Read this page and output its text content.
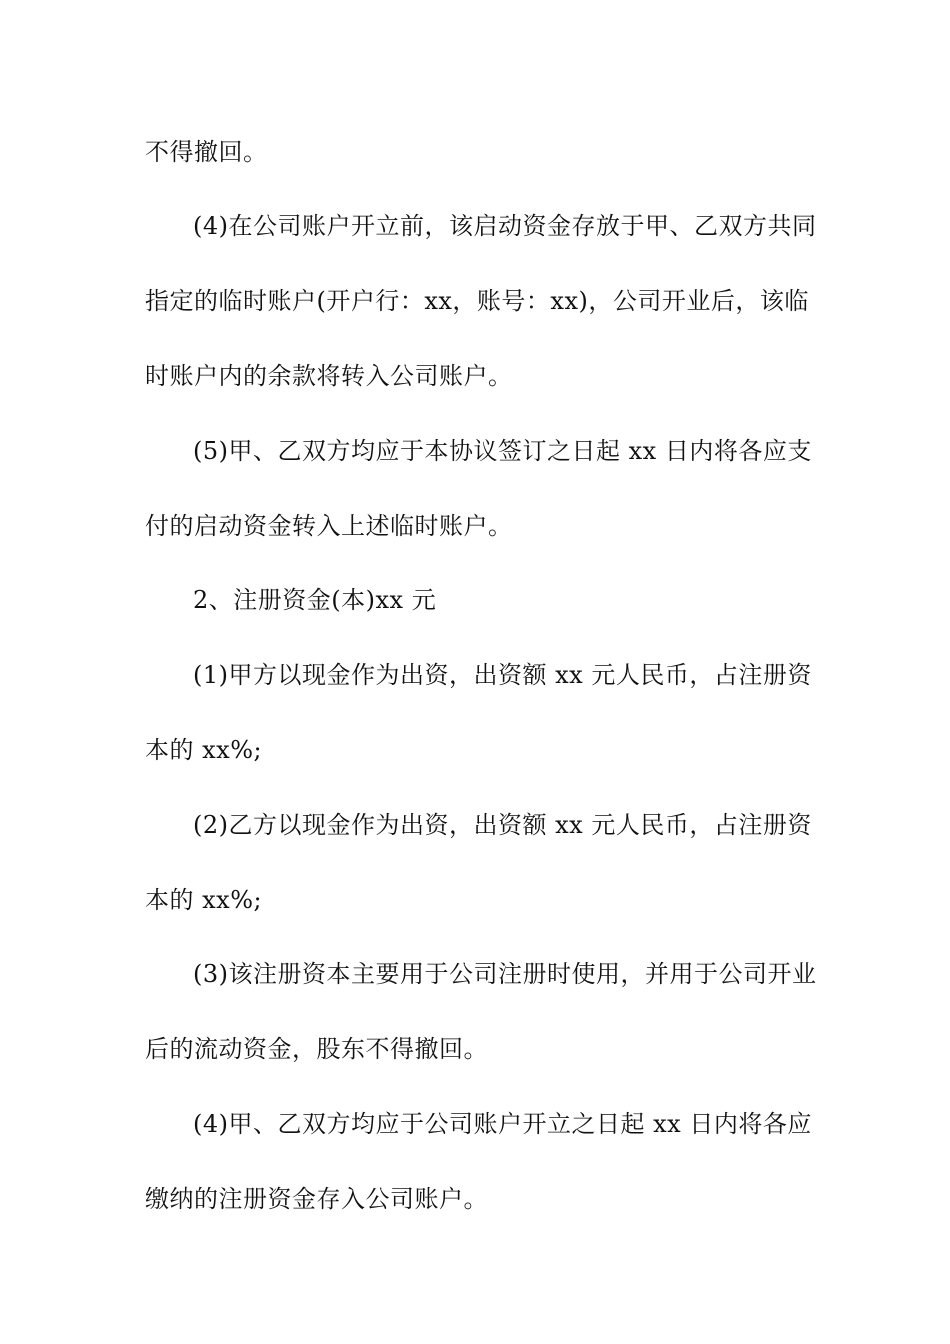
不得撤回。
(4)在公司账户开立前，该启动资金存放于甲、乙双方共同
指定的临时账户(开户行：xx，账号：xx)，公司开业后，该临
时账户内的余款将转入公司账户。
(5)甲、乙双方均应于本协议签订之日起 xx 日内将各应支
付的启动资金转入上述临时账户。
2、注册资金(本)xx 元
(1)甲方以现金作为出资，出资额 xx 元人民币，占注册资
本的 xx%;
(2)乙方以现金作为出资，出资额 xx 元人民币，占注册资
本的 xx%;
(3)该注册资本主要用于公司注册时使用，并用于公司开业
后的流动资金，股东不得撤回。
(4)甲、乙双方均应于公司账户开立之日起 xx 日内将各应
缴纳的注册资金存入公司账户。
